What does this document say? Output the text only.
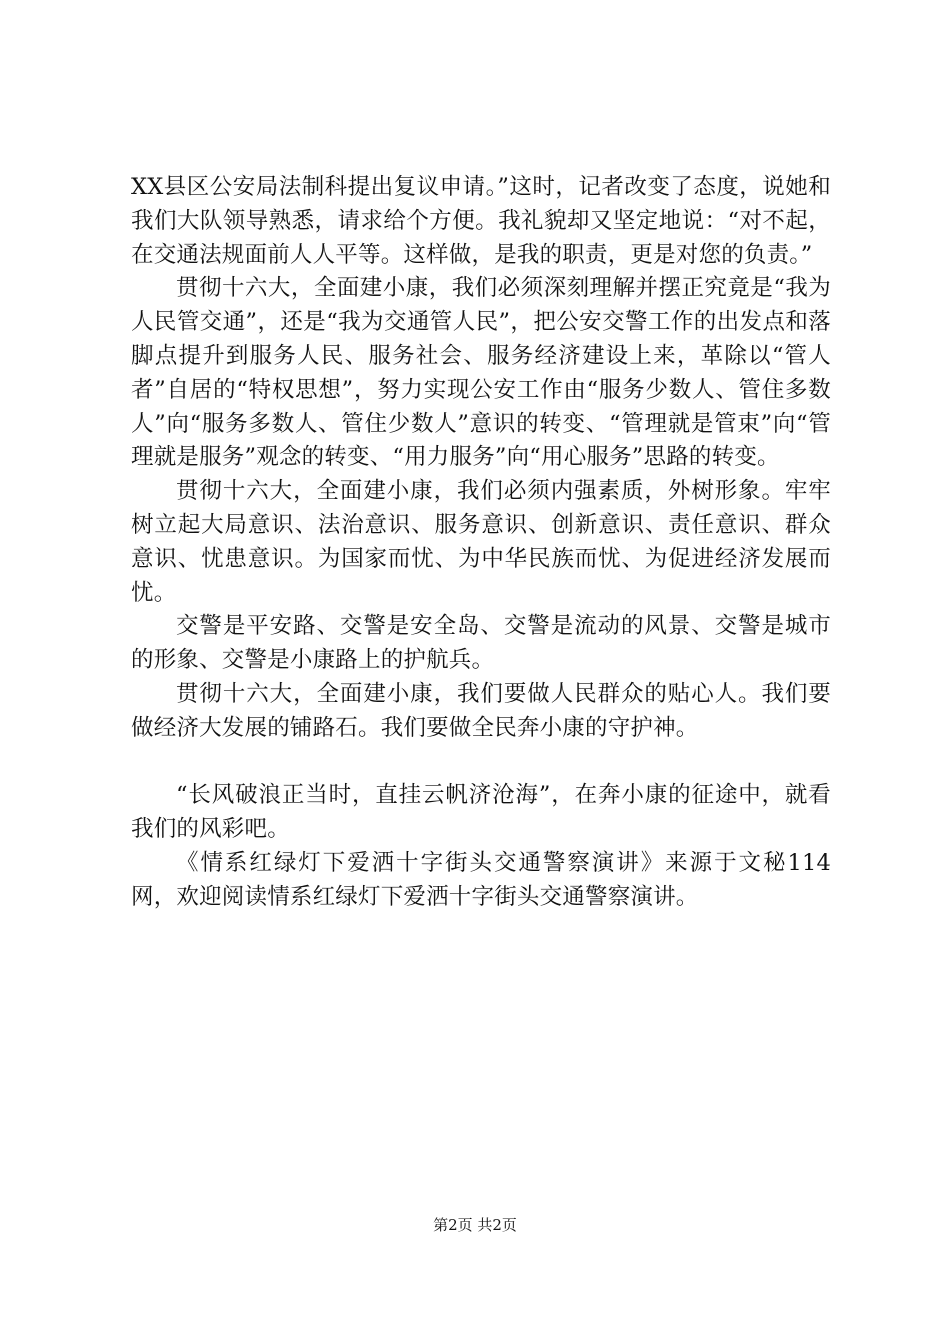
XX县区公安局法制科提出复议申请。”这时，记者改变了态度，说她和我们大队领导熟悉，请求给个方便。我礼貌却又坚定地说：“对不起，在交通法规面前人人平等。这样做，是我的职责，更是对您的负责。”

贯彻十六大，全面建小康，我们必须深刻理解并摆正究竟是“我为人民管交通”，还是“我为交通管人民”，把公安交警工作的出发点和落脚点提升到服务人民、服务社会、服务经济建设上来，革除以“管人者”自居的“特权思想”，努力实现公安工作由“服务少数人、管住多数人”向“服务多数人、管住少数人”意识的转变、“管理就是管束”向“管理就是服务”观念的转变、“用力服务”向“用心服务”思路的转变。

贯彻十六大，全面建小康，我们必须内强素质，外树形象。牢牢树立起大局意识、法治意识、服务意识、创新意识、责任意识、群众意识、忧患意识。为国家而忧、为中华民族而忧、为促进经济发展而忧。

交警是平安路、交警是安全岛、交警是流动的风景、交警是城市的形象、交警是小康路上的护航兵。

贯彻十六大，全面建小康，我们要做人民群众的贴心人。我们要做经济大发展的铺路石。我们要做全民奔小康的守护神。

“长风破浪正当时，直挂云帆济沧海”，在奔小康的征途中，就看我们的风彩吧。

《情系红绿灯下爱洒十字街头交通警察演讲》来源于文秘114网，欢迎阅读情系红绿灯下爱洒十字街头交通警察演讲。

第2页 共2页
